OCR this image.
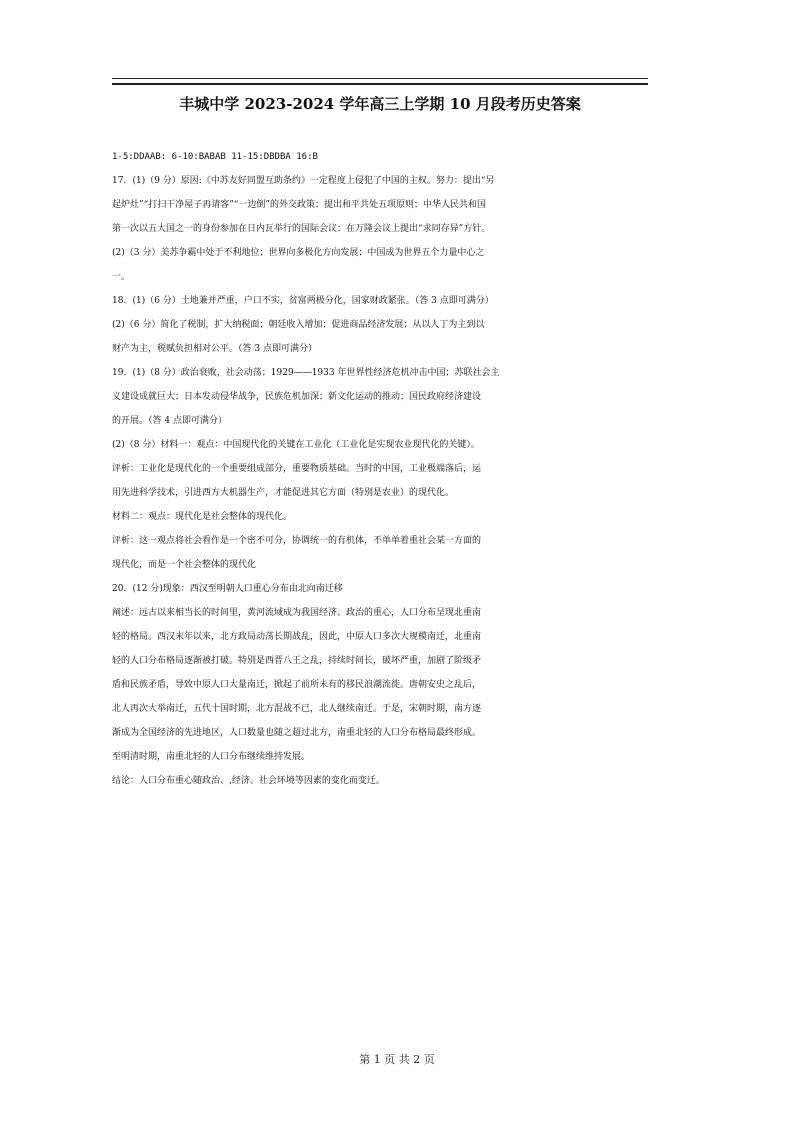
丰城中学 2023-2024 学年高三上学期 10 月段考历史答案
1-5:DDAAB: 6-10:BABAB 11-15:DBDBA 16:B
17．(1)（9 分）原因:《中苏友好同盟互助条约》一定程度上侵犯了中国的主权。努力：提出“另
起炉灶”“打扫干净屋子再请客”“一边倒”的外交政策；提出和平共处五项原则；中华人民共和国
第一次以五大国之一的身份参加在日内瓦举行的国际会议；在万隆会议上提出“求同存异”方针。
(2)（3 分）美苏争霸中处于不利地位；世界向多极化方向发展；中国成为世界五个力量中心之
一。
18．(1)（6 分）土地兼并严重，户口不实，贫富两极分化，国家财政紧张。（答 3 点即可满分）
(2)（6 分）简化了税制，扩大纳税面；朝廷收入增加；促进商品经济发展；从以人丁为主到以
财产为主，税赋负担相对公平。（答 3 点即可满分）
19．(1)（8 分）政治衰败，社会动荡；1929——1933 年世界性经济危机冲击中国；苏联社会主
义建设成就巨大；日本发动侵华战争，民族危机加深；新文化运动的推动；国民政府经济建设
的开展。（答 4 点即可满分）
(2)（8 分）材料一：观点：中国现代化的关键在工业化（工业化是实现农业现代化的关键）。
评析：工业化是现代化的一个重要组成部分，重要物质基础。当时的中国，工业极端落后，运
用先进科学技术，引进西方大机器生产，才能促进其它方面（特别是农业）的现代化。
材料二：观点：现代化是社会整体的现代化。
评析：这一观点将社会看作是一个密不可分，协调统一的有机体，不单单着重社会某一方面的
现代化，而是一个社会整体的现代化
20．(12 分)现象：西汉至明朝人口重心分布由北向南迁移
阐述：远古以来相当长的时间里，黄河流域成为我国经济、政治的重心，人口分布呈现北重南
轻的格局。西汉末年以来，北方政局动荡长期战乱，因此，中原人口多次大规模南迁，北重南
轻的人口分布格局逐渐被打破。特别是西晋八王之乱，持续时间长，破坏严重，加剧了阶级矛
盾和民族矛盾，导致中原人口大量南迁，掀起了前所未有的移民浪潮流徙。唐朝安史之乱后，
北人再次大举南迁，五代十国时期，北方混战不已，北人继续南迁。于是，宋朝时期，南方逐
渐成为全国经济的先进地区，人口数量也随之超过北方，南重北轻的人口分布格局最终形成。
至明清时期，南重北轻的人口分布继续维持发展。
结论：人口分布重心随政治、,经济、社会环境等因素的变化而变迁。
第 1 页 共 2 页
